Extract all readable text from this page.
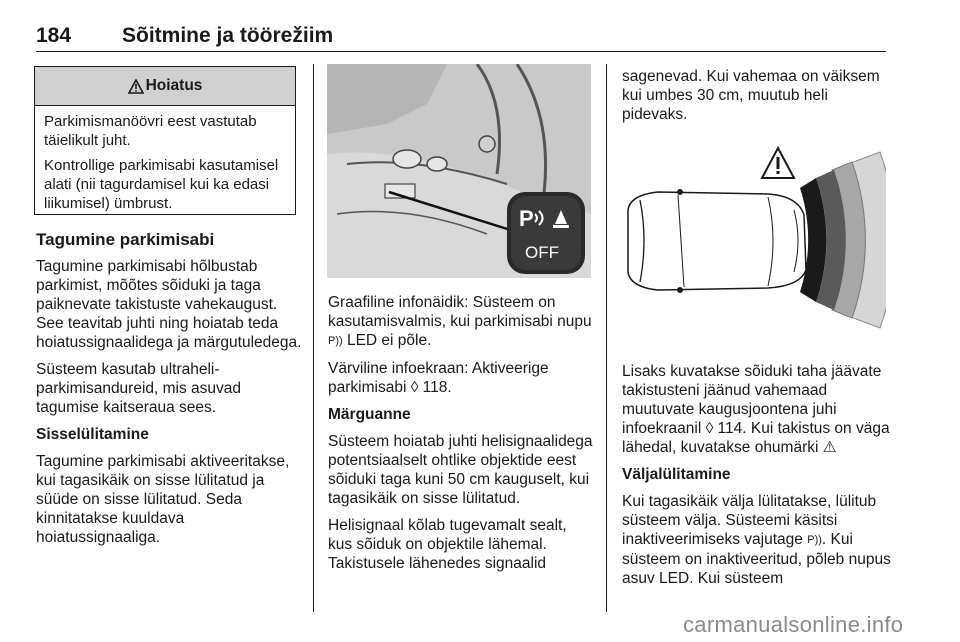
184 Sõitmine ja töörežiim
Hoiatus

Parkimismanöövri eest vastutab täielikult juht.

Kontrollige parkimisabi kasutamisel alati (nii tagurdamisel kui ka edasi liikumisel) ümbrust.

Tagumine parkimisabi

Tagumine parkimisabi hõlbustab parkimist, mõõtes sõiduki ja taga paiknevate takistuste vahekaugust. See teavitab juhti ning hoiatab teda hoiatussignaalidega ja märgutuledega.

Süsteem kasutab ultraheli-parkimisandureid, mis asuvad tagumise kaitseraua sees.

Sisselülitamine

Tagumine parkimisabi aktiveeritakse, kui tagasikäik on sisse lülitatud ja süüde on sisse lülitatud. Seda kinnitatakse kuuldava hoiatussignaaliga.

P
OFF

Graafiline infonäidik: Süsteem on kasutamisvalmis, kui parkimisabi nupu P)) LED ei põle.

Värviline infoekraan: Aktiveerige parkimisabi ◊ 118.

Märguanne

Süsteem hoiatab juhti helisignaalidega potentsiaalselt ohtlike objektide eest sõiduki taga kuni 50 cm kauguselt, kui tagasikäik on sisse lülitatud.

Helisignaal kõlab tugevamalt sealt, kus sõiduk on objektile lähemal. Takistusele lähenedes signaalid

sagenevad. Kui vahemaa on väiksem kui umbes 30 cm, muutub heli pidevaks.

Lisaks kuvatakse sõiduki taha jäävate takistusteni jäänud vahemaad muutuvate kaugusjoontena juhi infoekraanil ◊ 114. Kui takistus on väga lähedal, kuvatakse ohumärki ⚠

Väljalülitamine

Kui tagasikäik välja lülitatakse, lülitub süsteem välja. Süsteemi käsitsi inaktiveerimiseks vajutage P)). Kui süsteem on inaktiveeritud, põleb nupus asuv LED. Kui süsteem

carmanualsonline.info
